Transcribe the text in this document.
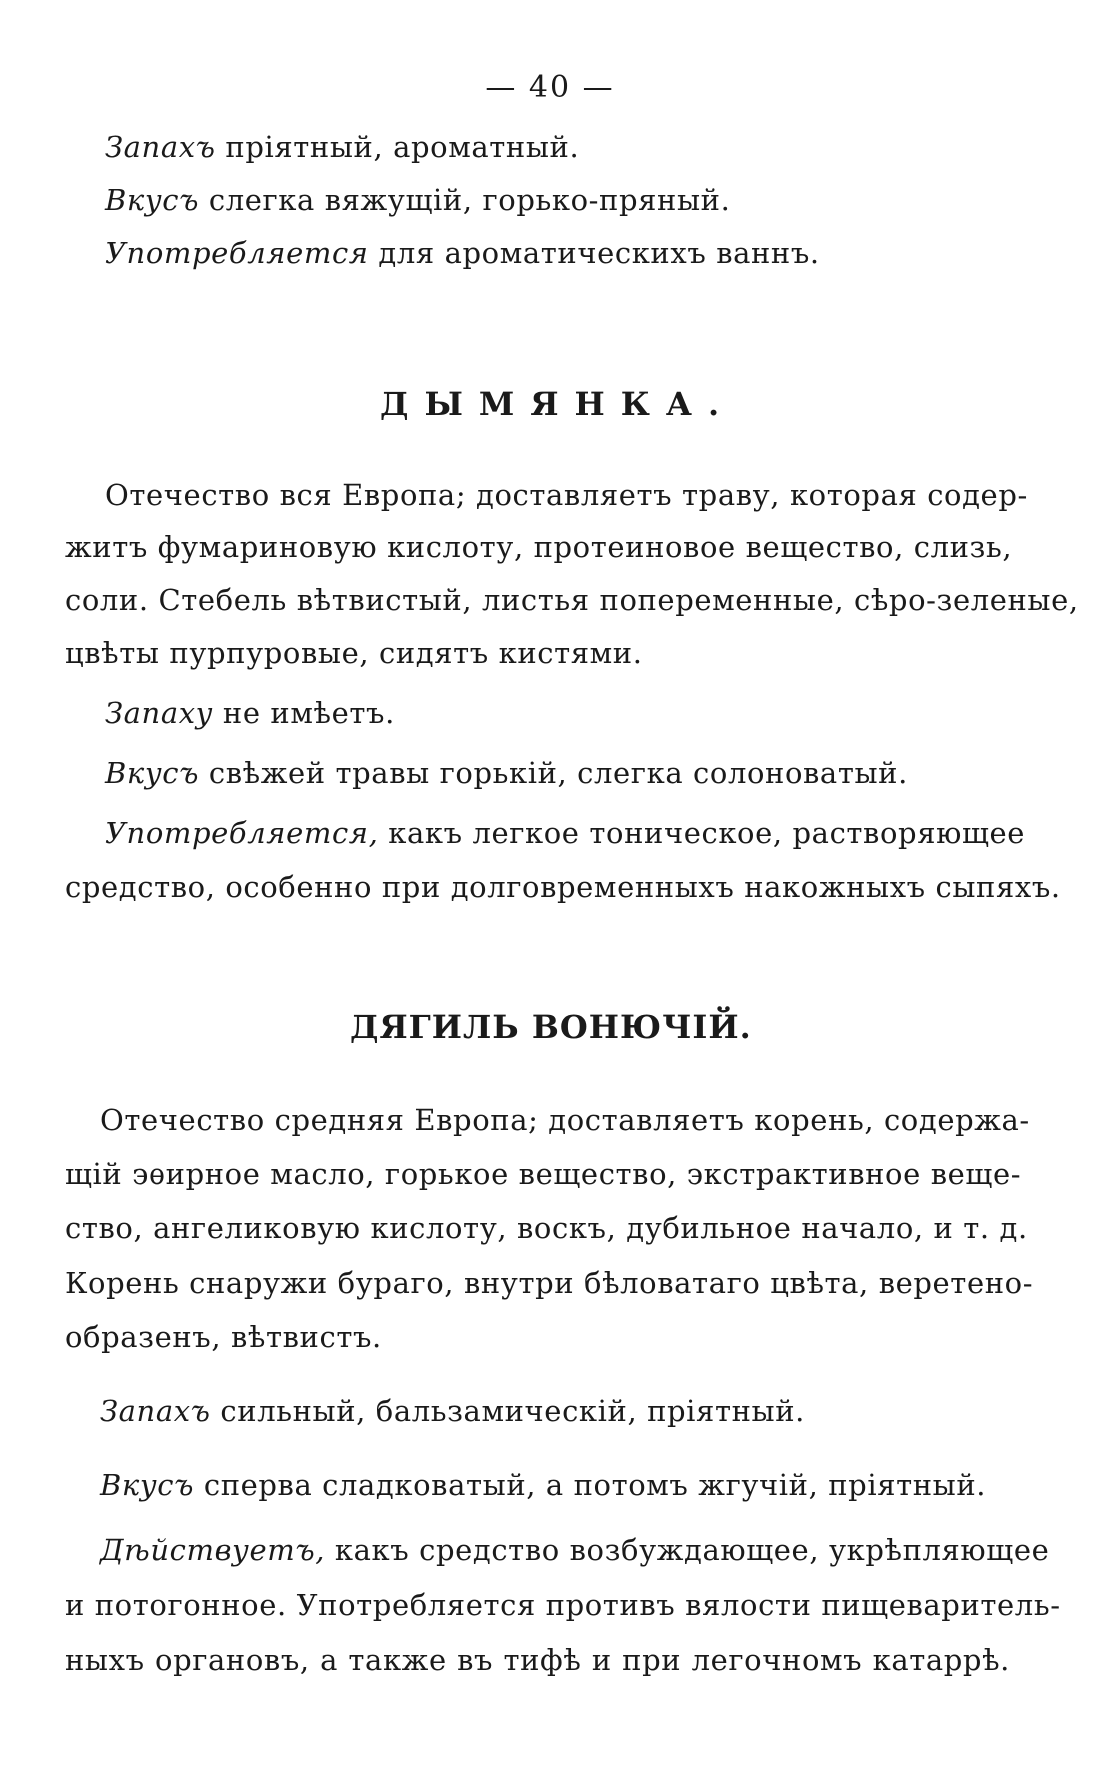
— 40 —
Запахъ пріятный, ароматный.
Вкусъ слегка вяжущій, горько-пряный.
Употребляется для ароматическихъ ваннъ.
ДЫМЯНКА.
Отечество вся Европа; доставляетъ траву, которая содер-
житъ фумариновую кислоту, протеиновое вещество, слизь,
соли. Стебель вѣтвистый, листья попеременные, сѣро-зеленые,
цвѣты пурпуровые, сидятъ кистями.
Запаху не имѣетъ.
Вкусъ свѣжей травы горькій, слегка солоноватый.
Употребляется, какъ легкое тоническое, растворяющее
средство, особенно при долговременныхъ накожныхъ сыпяхъ.
ДЯГИЛЬ ВОНЮЧІЙ.
Отечество средняя Европа; доставляетъ корень, содержа-
щій эѳирное масло, горькое вещество, экстрактивное веще-
ство, ангеликовую кислоту, воскъ, дубильное начало, и т. д.
Корень снаружи бураго, внутри бѣловатаго цвѣта, веретено-
образенъ, вѣтвистъ.
Запахъ сильный, бальзамическій, пріятный.
Вкусъ сперва сладковатый, а потомъ жгучій, пріятный.
Дѣйствуетъ, какъ средство возбуждающее, укрѣпляющее
и потогонное. Употребляется противъ вялости пищеваритель-
ныхъ органовъ, а также въ тифѣ и при легочномъ катаррѣ.
